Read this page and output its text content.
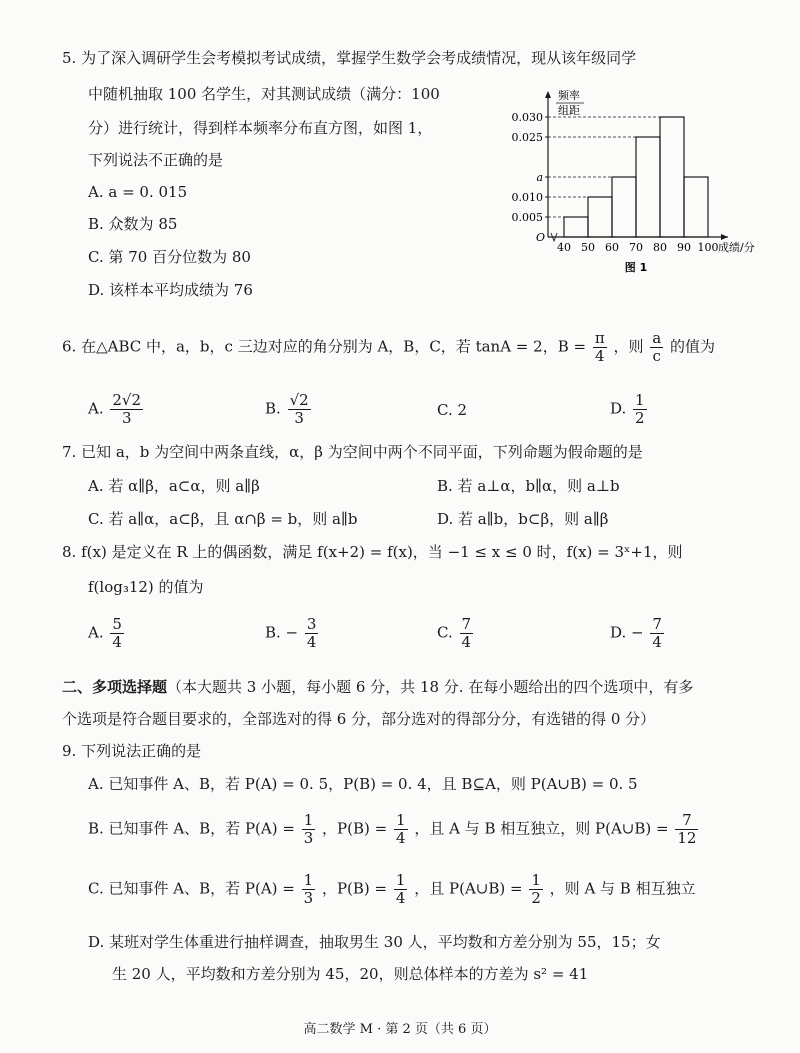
5. 为了深入调研学生会考模拟考试成绩，掌握学生数学会考成绩情况，现从该年级同学
中随机抽取 100 名学生，对其测试成绩（满分：100
分）进行统计，得到样本频率分布直方图，如图 1，
下列说法不正确的是
A. a = 0. 015
B. 众数为 85
C. 第 70 百分位数为 80
D. 该样本平均成绩为 76
频率
组距
O
0.005
0.010
a
0.025
0.030
40 50 60 70 80 90 100 成绩/分
图 1
6. 在△ABC 中，a，b，c 三边对应的角分别为 A，B，C，若 tanA = 2，$B = \frac{\pi}{4}$ ，则 $\frac{a}{c}$ 的值为
A. $\frac{2√2}{3}$	B. $\frac{√2}{3}$	C. 2	D. $\frac{1}{2}$
7. 已知 a，b 为空间中两条直线，α，β 为空间中两个不同平面，下列命题为假命题的是
A. 若 α∥β，a⊂α，则 a∥β	B. 若 a⊥α，b∥α，则 a⊥b
C. 若 a∥α，a⊂β，且 α∩β = b，则 a∥b	D. 若 a∥b，b⊂β，则 a∥β
8. f(x) 是定义在 R 上的偶函数，满足 f(x+2) = f(x)，当 −1 ≤ x ≤ 0 时，f(x) = 3ˣ+1，则
f(log₃12) 的值为
A. $\frac{5}{4}$	B. − $\frac{3}{4}$	C. $\frac{7}{4}$	D. − $\frac{7}{4}$
二、多项选择题（本大题共 3 小题，每小题 6 分，共 18 分. 在每小题给出的四个选项中，有多
个选项是符合题目要求的，全部选对的得 6 分，部分选对的得部分分，有选错的得 0 分）
9. 下列说法正确的是
A. 已知事件 A、B，若 P(A) = 0. 5，P(B) = 0. 4，且 B⊆A，则 P(A∪B) = 0. 5
B. 已知事件 A、B，若 $P(A) = \frac{1}{3}$ ，$P(B) = \frac{1}{4}$ ，且 A 与 B 相互独立，则 P(A∪B) = $\frac{7}{12}$
C. 已知事件 A、B，若 $P(A) = \frac{1}{3}$ ，$P(B) = \frac{1}{4}$ ，且 P(A∪B) = $\frac{1}{2}$ ，则 A 与 B 相互独立
D. 某班对学生体重进行抽样调查，抽取男生 30 人，平均数和方差分别为 55，15；女
生 20 人，平均数和方差分别为 45，20，则总体样本的方差为 s² = 41
高二数学 M · 第 2 页（共 6 页）
